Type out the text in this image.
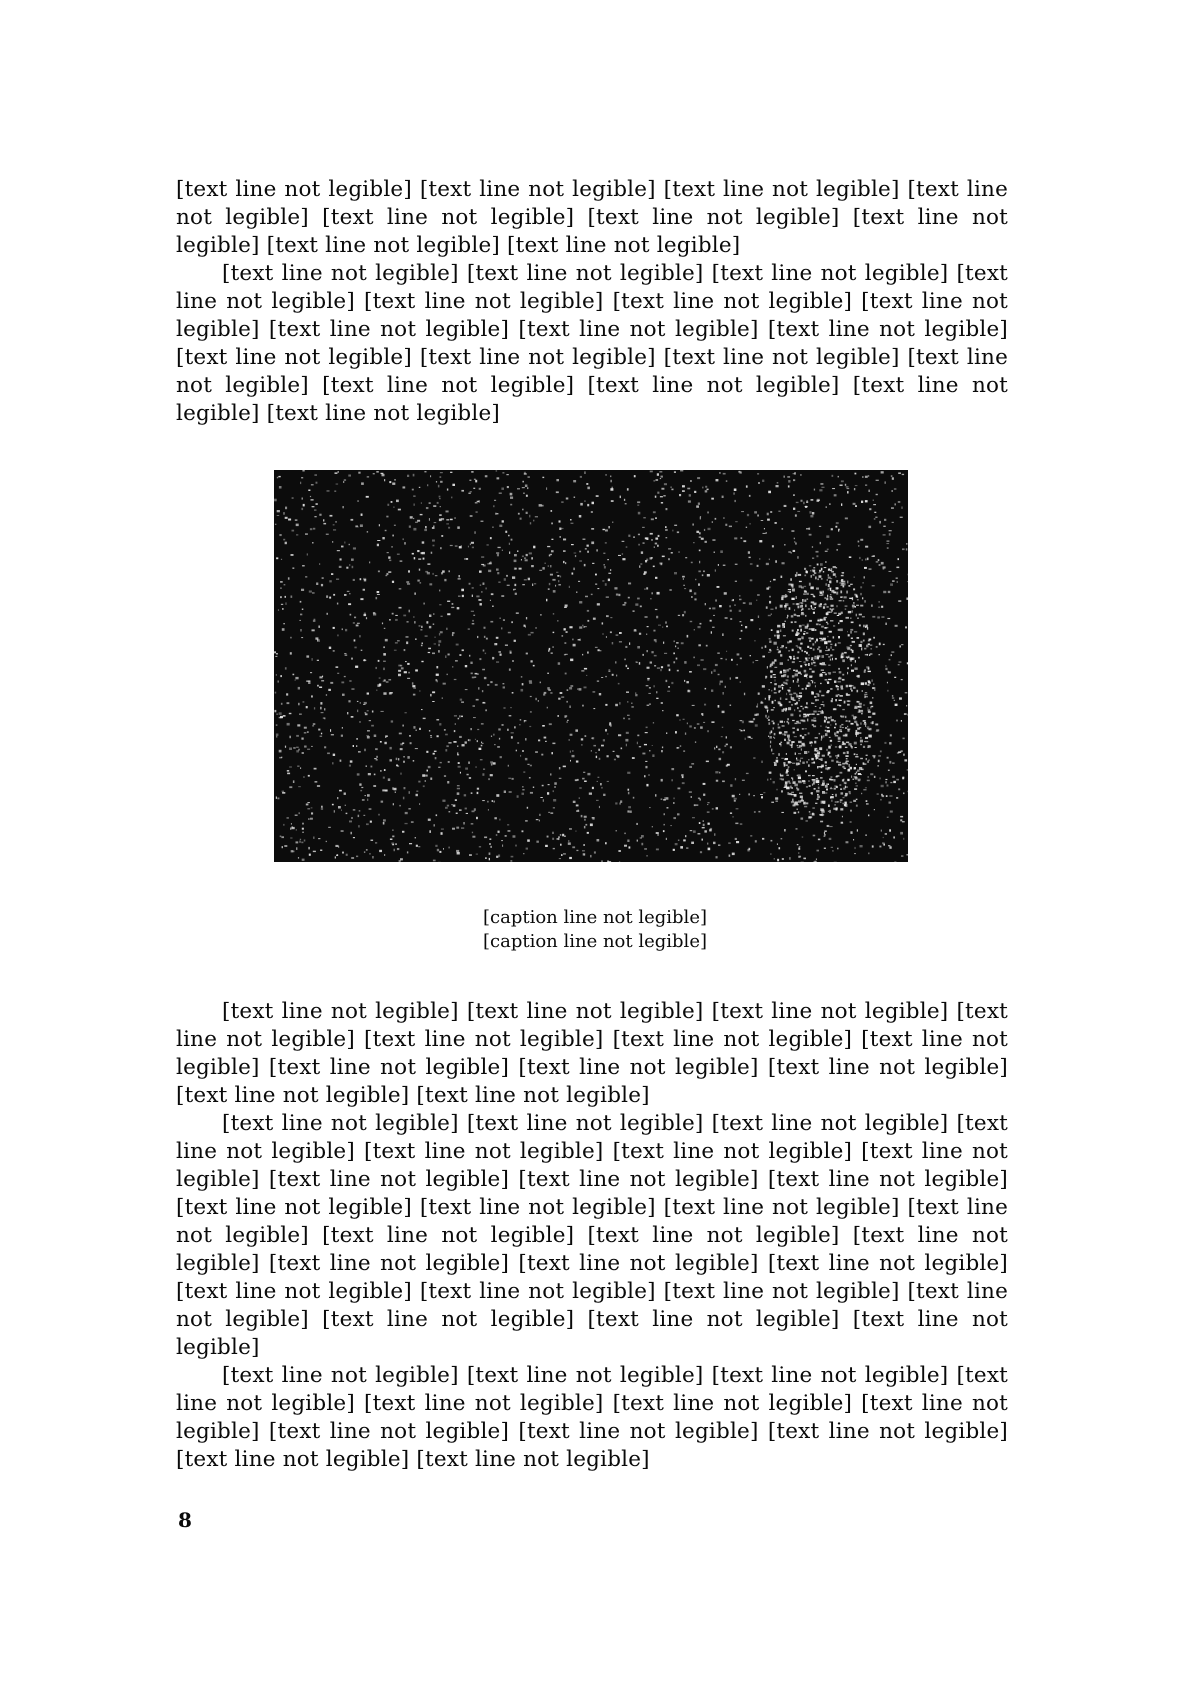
[text line not legible] [text line not legible] [text line not legible] [text line not legible] [text line not legible] [text line not legible] [text line not legible] [text line not legible] [text line not legible]

[text line not legible] [text line not legible] [text line not legible] [text line not legible] [text line not legible] [text line not legible] [text line not legible] [text line not legible] [text line not legible] [text line not legible] [text line not legible] [text line not legible] [text line not legible] [text line not legible] [text line not legible] [text line not legible] [text line not legible] [text line not legible]

[caption line not legible]

[caption line not legible]

[text line not legible] [text line not legible] [text line not legible] [text line not legible] [text line not legible] [text line not legible] [text line not legible] [text line not legible] [text line not legible] [text line not legible] [text line not legible] [text line not legible]

[text line not legible] [text line not legible] [text line not legible] [text line not legible] [text line not legible] [text line not legible] [text line not legible] [text line not legible] [text line not legible] [text line not legible] [text line not legible] [text line not legible] [text line not legible] [text line not legible] [text line not legible] [text line not legible] [text line not legible] [text line not legible] [text line not legible] [text line not legible] [text line not legible] [text line not legible] [text line not legible] [text line not legible] [text line not legible] [text line not legible] [text line not legible]

[text line not legible] [text line not legible] [text line not legible] [text line not legible] [text line not legible] [text line not legible] [text line not legible] [text line not legible] [text line not legible] [text line not legible] [text line not legible] [text line not legible]

8
